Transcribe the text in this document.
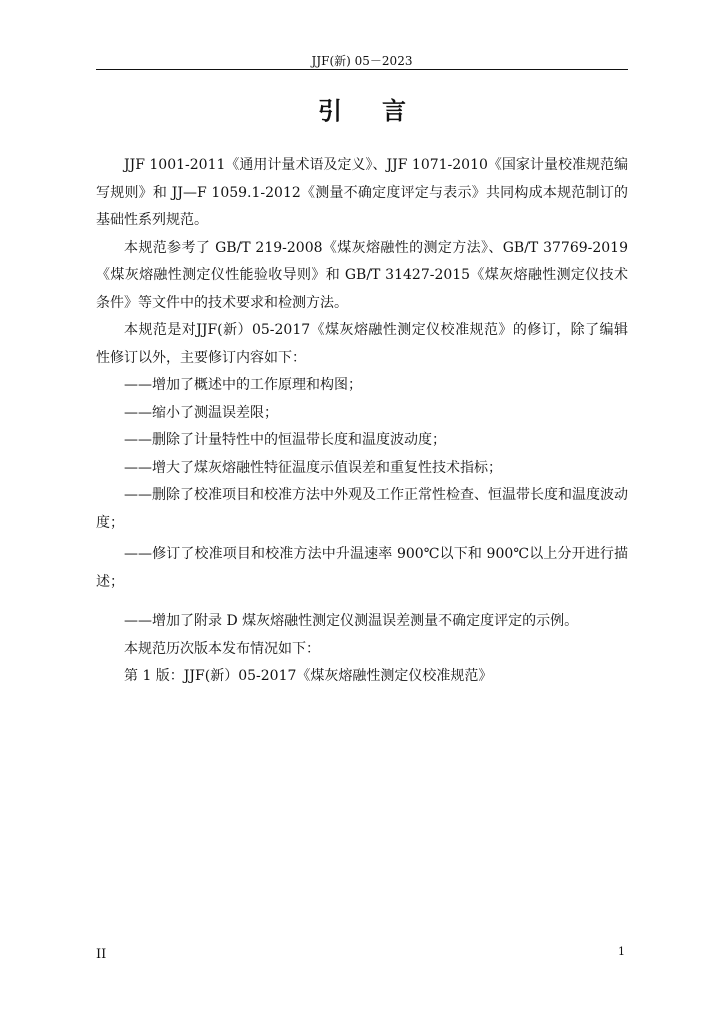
JJF(新) 05－2023
引言

JJF 1001-2011《通用计量术语及定义》、JJF 1071-2010《国家计量校准规范编写规则》和 JJ—F 1059.1-2012《测量不确定度评定与表示》共同构成本规范制订的基础性系列规范。

本规范参考了 GB/T 219-2008《煤灰熔融性的测定方法》、GB/T 37769-2019《煤灰熔融性测定仪性能验收导则》和 GB/T 31427-2015《煤灰熔融性测定仪技术条件》等文件中的技术要求和检测方法。

本规范是对JJF(新）05-2017《煤灰熔融性测定仪校准规范》的修订，除了编辑性修订以外，主要修订内容如下：

——增加了概述中的工作原理和构图；

——缩小了测温误差限；

——删除了计量特性中的恒温带长度和温度波动度；

——增大了煤灰熔融性特征温度示值误差和重复性技术指标；

——删除了校准项目和校准方法中外观及工作正常性检查、恒温带长度和温度波动度；

——修订了校准项目和校准方法中升温速率 900℃以下和 900℃以上分开进行描述；

——增加了附录 D 煤灰熔融性测定仪测温误差测量不确定度评定的示例。

本规范历次版本发布情况如下：

第 1 版：JJF(新）05-2017《煤灰熔融性测定仪校准规范》

II	1
